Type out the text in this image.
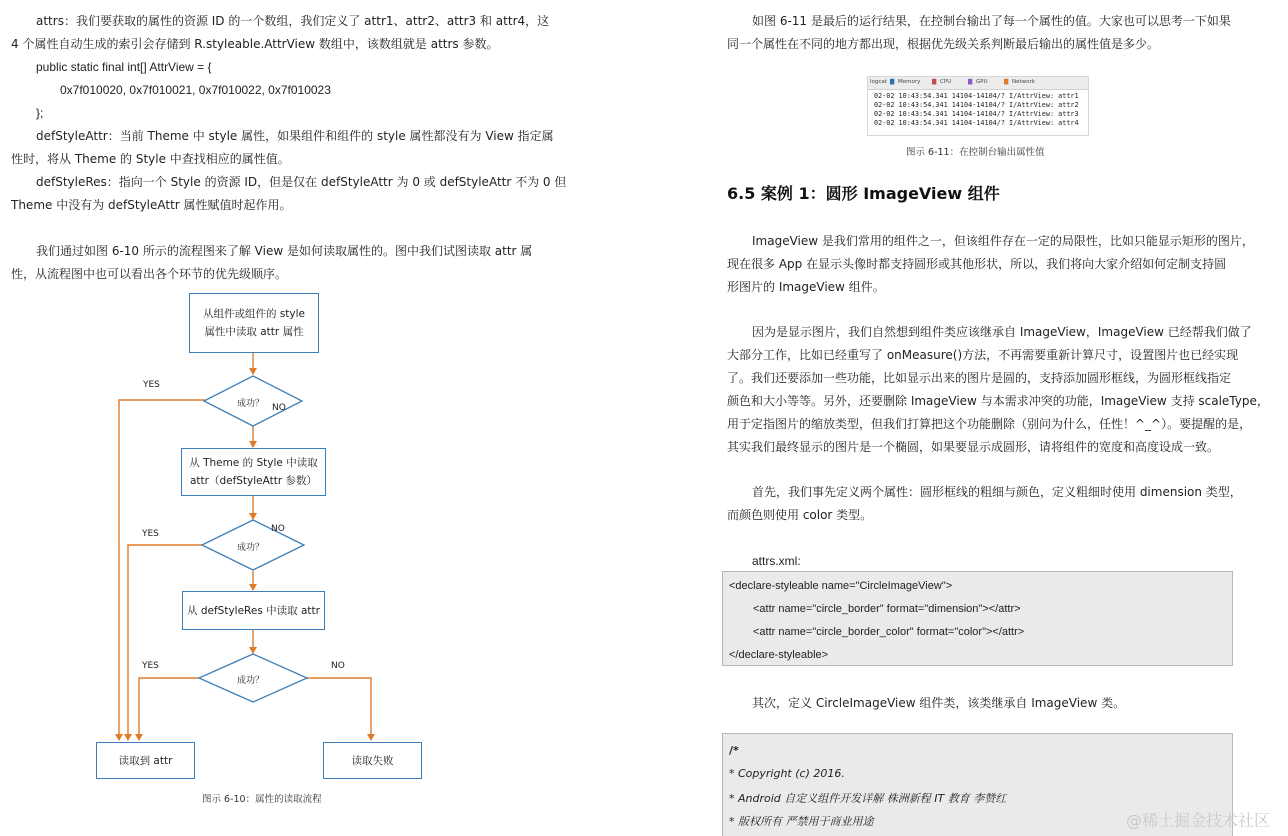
attrs：我们要获取的属性的资源 ID 的一个数组，我们定义了 attr1、attr2、attr3 和 attr4，这
4 个属性自动生成的索引会存储到 R.styleable.AttrView 数组中，该数组就是 attrs 参数。
public static final int[] AttrView = {
0x7f010020, 0x7f010021, 0x7f010022, 0x7f010023
};
defStyleAttr：当前 Theme 中 style 属性，如果组件和组件的 style 属性都没有为 View 指定属
性时，将从 Theme 的 Style 中查找相应的属性值。
defStyleRes：指向一个 Style 的资源 ID，但是仅在 defStyleAttr 为 0 或 defStyleAttr 不为 0 但
Theme 中没有为 defStyleAttr 属性赋值时起作用。
我们通过如图 6-10 所示的流程图来了解 View 是如何读取属性的。图中我们试图读取 attr 属
性，从流程图中也可以看出各个环节的优先级顺序。
从组件或组件的 style
属性中读取 attr 属性
从 Theme 的 Style 中读取
attr（defStyleAttr 参数）
从 defStyleRes 中读取 attr
读取到 attr	读取失败
成功？
成功？
成功？
YES
NO
YES	NO
YES	NO
图示 6-10：属性的读取流程
如图 6-11 是最后的运行结果，在控制台输出了每一个属性的值。大家也可以思考一下如果
同一个属性在不同的地方都出现，根据优先级关系判断最后输出的属性值是多少。
logcat ▇ Memory ▇ CPU	▇ GPU	▇ Network
02-02 10:43:54.341 14104-14104/? I/AttrView: attr1
02-02 10:43:54.341 14104-14104/? I/AttrView: attr2
02-02 10:43:54.341 14104-14104/? I/AttrView: attr3
02-02 10:43:54.341 14104-14104/? I/AttrView: attr4
图示 6-11：在控制台输出属性值
6.5 案例 1：圆形 ImageView 组件
ImageView 是我们常用的组件之一，但该组件存在一定的局限性，比如只能显示矩形的图片，
现在很多 App 在显示头像时都支持圆形或其他形状，所以，我们将向大家介绍如何定制支持圆
形图片的 ImageView 组件。
因为是显示图片，我们自然想到组件类应该继承自 ImageView，ImageView 已经帮我们做了
大部分工作，比如已经重写了 onMeasure()方法，不再需要重新计算尺寸，设置图片也已经实现
了。我们还要添加一些功能，比如显示出来的图片是圆的，支持添加圆形框线，为圆形框线指定
颜色和大小等等。另外，还要删除 ImageView 与本需求冲突的功能，ImageView 支持 scaleType，
用于定指图片的缩放类型，但我们打算把这个功能删除（别问为什么，任性！^_^）。要提醒的是，
其实我们最终显示的图片是一个椭圆，如果要显示成圆形，请将组件的宽度和高度设成一致。
首先，我们事先定义两个属性：圆形框线的粗细与颜色，定义粗细时使用 dimension 类型，
而颜色则使用 color 类型。
attrs.xml:
<declare-styleable name="CircleImageView">
<attr name="circle_border" format="dimension"></attr>
<attr name="circle_border_color" format="color"></attr>
</declare-styleable>
其次，定义 CircleImageView 组件类，该类继承自 ImageView 类。
/*
* Copyright (c) 2016.
* Android 自定义组件开发详解 株洲新程 IT 教育 李赞红
* 版权所有 严禁用于商业用途	@稀土掘金技术社区
